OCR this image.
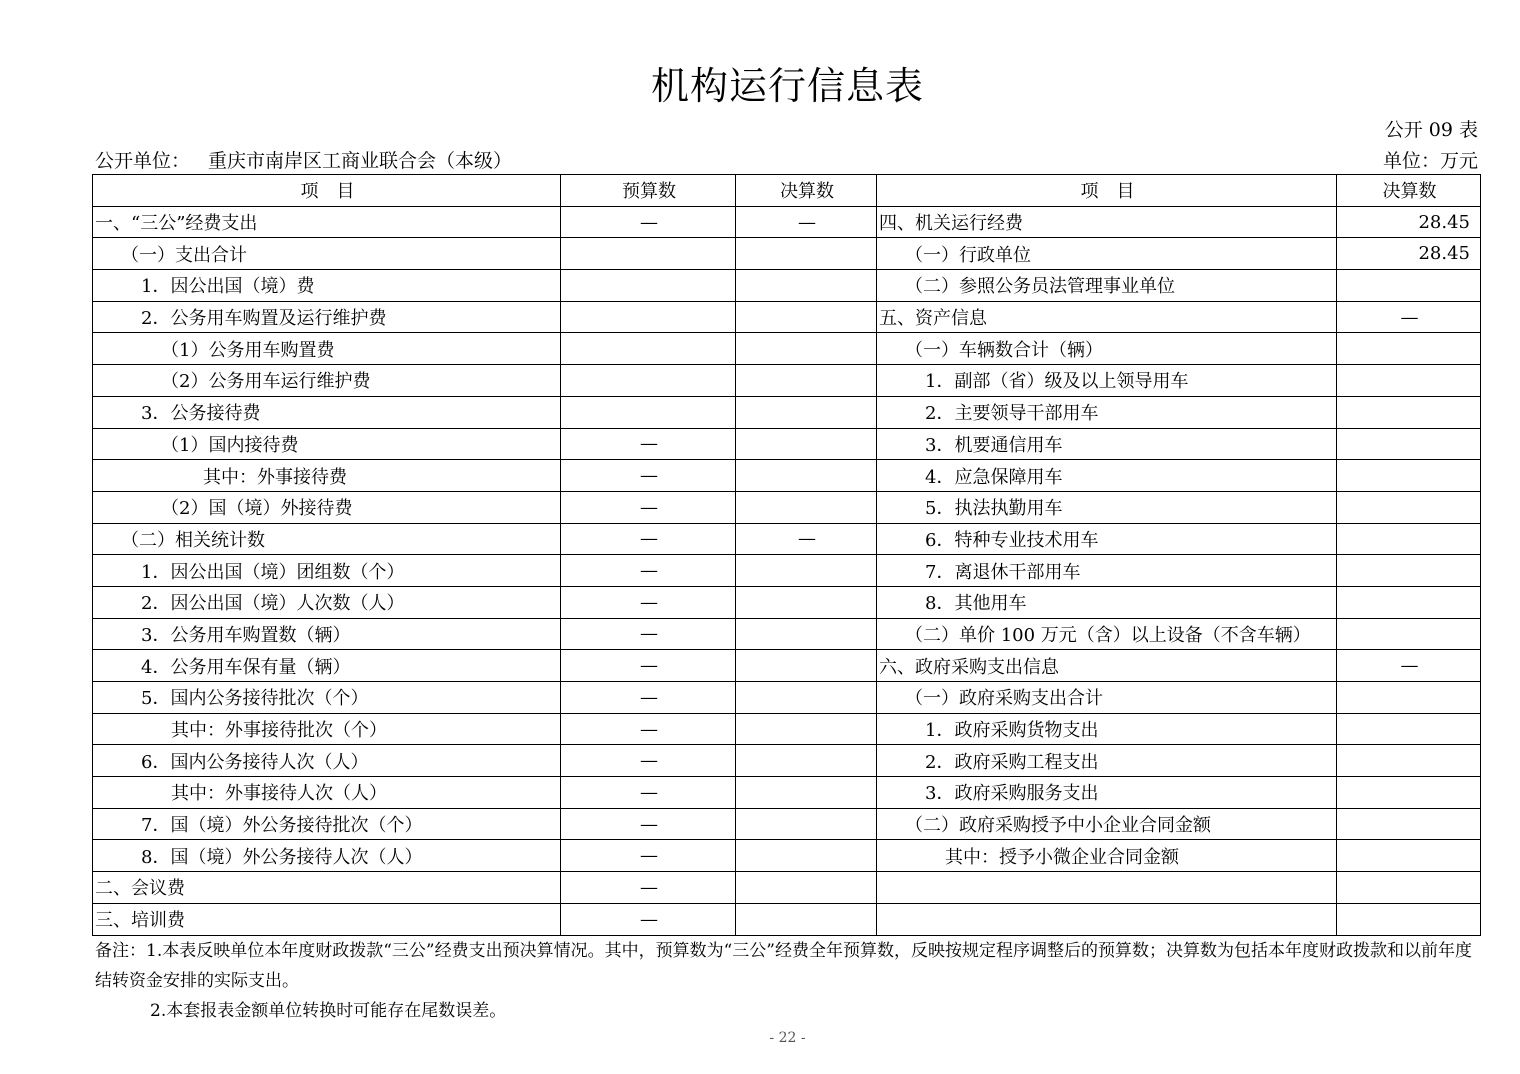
机构运行信息表
公开 09 表
公开单位： 重庆市南岸区工商业联合会（本级）	单位：万元
项　目	预算数	决算数	项　目	决算数
一、“三公”经费支出	—	—	四、机关运行经费	28.45
（一）支出合计			（一）行政单位	28.45
1．因公出国（境）费			（二）参照公务员法管理事业单位	
2．公务用车购置及运行维护费			五、资产信息	—
（1）公务用车购置费			（一）车辆数合计（辆）	
（2）公务用车运行维护费			1．副部（省）级及以上领导用车	
3．公务接待费			2．主要领导干部用车	
（1）国内接待费	—		3．机要通信用车	
其中：外事接待费	—		4．应急保障用车	
（2）国（境）外接待费	—		5．执法执勤用车	
（二）相关统计数	—	—	6．特种专业技术用车	
1．因公出国（境）团组数（个）	—		7．离退休干部用车	
2．因公出国（境）人次数（人）	—		8．其他用车	
3．公务用车购置数（辆）	—		（二）单价 100 万元（含）以上设备（不含车辆）	
4．公务用车保有量（辆）	—		六、政府采购支出信息	—
5．国内公务接待批次（个）	—		（一）政府采购支出合计	
其中：外事接待批次（个）	—		1．政府采购货物支出	
6．国内公务接待人次（人）	—		2．政府采购工程支出	
其中：外事接待人次（人）	—		3．政府采购服务支出	
7．国（境）外公务接待批次（个）	—		（二）政府采购授予中小企业合同金额	
8．国（境）外公务接待人次（人）	—		其中：授予小微企业合同金额	
二、会议费	—			
三、培训费	—			
备注：1.本表反映单位本年度财政拨款“三公”经费支出预决算情况。其中，预算数为“三公”经费全年预算数，反映按规定程序调整后的预算数；决算数为包括本年度财政拨款和以前年度结转资金安排的实际支出。
2.本套报表金额单位转换时可能存在尾数误差。
- 22 -
